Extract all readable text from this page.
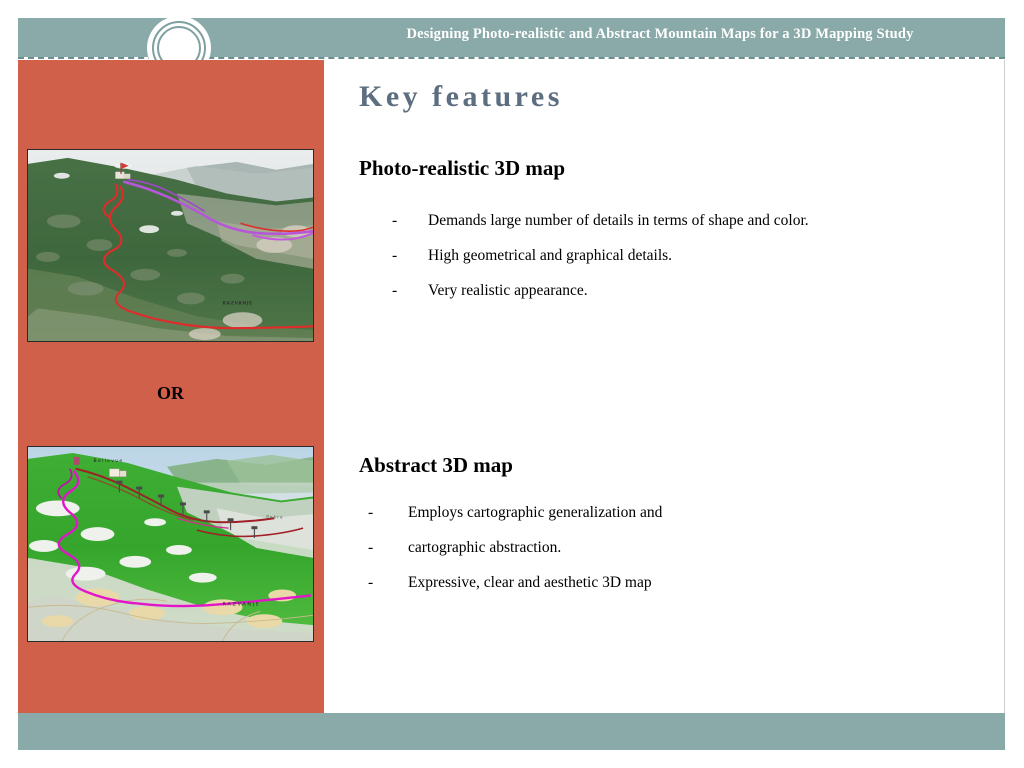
Designing Photo-realistic and Abstract Mountain Maps for a 3D Mapping Study
Key features
Photo-realistic 3D map
-	Demands large number of details in terms of shape and color.
-	High geometrical and graphical details.
-	Very realistic appearance.
Abstract 3D map
-	Employs cartographic generalization and
-	cartographic abstraction.
-	Expressive, clear and aesthetic 3D map
RAZVANJE
OR
Bellevue
Pekre
RAZVANJE
